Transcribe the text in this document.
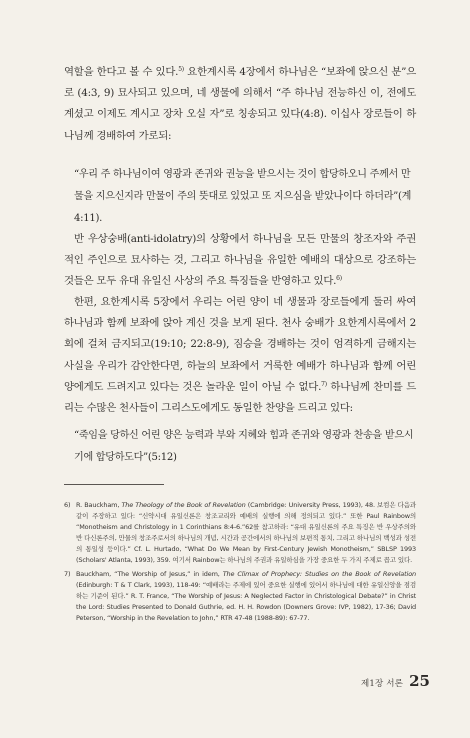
역할을 한다고 볼 수 있다.$^{5)}$ 요한계시록 4장에서 하나님은 “보좌에 앉으신 분”으로 (4:3, 9) 묘사되고 있으며, 네 생물에 의해서 “주 하나님 전능하신 이, 전에도 계셨고 이제도 계시고 장차 오실 자”로 칭송되고 있다(4:8). 이십사 장로들이 하나님께 경배하여 가로되:

“우리 주 하나님이여 영광과 존귀와 권능을 받으시는 것이 합당하오니 주께서 만물을 지으신지라 만물이 주의 뜻대로 있었고 또 지으심을 받았나이다 하더라”(계 4:11).

반 우상숭배(anti-idolatry)의 상황에서 하나님을 모든 만물의 창조자와 주권적인 주인으로 묘사하는 것, 그리고 하나님을 유일한 예배의 대상으로 강조하는 것들은 모두 유대 유일신 사상의 주요 특징들을 반영하고 있다.$^{6)}$

한편, 요한계시록 5장에서 우리는 어린 양이 네 생물과 장로들에게 둘러 싸여 하나님과 함께 보좌에 앉아 계신 것을 보게 된다. 천사 숭배가 요한계시록에서 2회에 걸쳐 금지되고(19:10; 22:8-9), 짐승을 경배하는 것이 엄격하게 금해지는 사실을 우리가 감안한다면, 하늘의 보좌에서 거룩한 예배가 하나님과 함께 어린 양에게도 드려지고 있다는 것은 놀라운 일이 아닐 수 없다.$^{7)}$ 하나님께 찬미를 드리는 수많은 천사들이 그리스도에게도 동일한 찬양을 드리고 있다:

“죽임을 당하신 어린 양은 능력과 부와 지혜와 힘과 존귀와 영광과 찬송을 받으시기에 합당하도다”(5:12)

6) R. Bauckham, The Theology of the Book of Revelation (Cambridge: University Press, 1993), 48. 보컴은 다음과 같이 주장하고 있다: “신약시대 유일신론은 창조교리와 예배의 실행에 의해 정의되고 있다.” 또한 Paul Rainbow의 “Monotheism and Christology in 1 Corinthians 8:4-6.”62를 참고하라: “유대 유일신론의 주요 특징은 반 우상주의와 반 다신론주의, 만물의 창조주로서의 하나님의 개념, 시간과 공간에서의 하나님의 보편적 통치, 그리고 하나님의 백성과 성전의 통일성 등이다.” Cf. L. Hurtado, “What Do We Mean by First-Century Jewish Monotheism,” SBLSP 1993 (Scholars' Atlanta, 1993), 359. 여기서 Rainbow는 하나님의 주권과 유일하심을 가장 중요한 두 가지 주제로 꼽고 있다.
7) Bauckham, “The Worship of Jesus,” in idem, The Climax of Prophecy: Studies on the Book of Revelation (Edinburgh: T & T Clark, 1993), 118-49: “예배라는 주제에 있어 중요한 실행에 있어서 하나님에 대한 유일신앙을 점검하는 기준이 된다.” R. T. France, “The Worship of Jesus: A Neglected Factor in Christological Debate?” in Christ the Lord: Studies Presented to Donald Guthrie, ed. H. H. Rowdon (Downers Grove: IVP, 1982), 17-36; David Peterson, “Worship in the Revelation to John,” RTR 47-48 (1988-89): 67-77.
제1장 서론 25
